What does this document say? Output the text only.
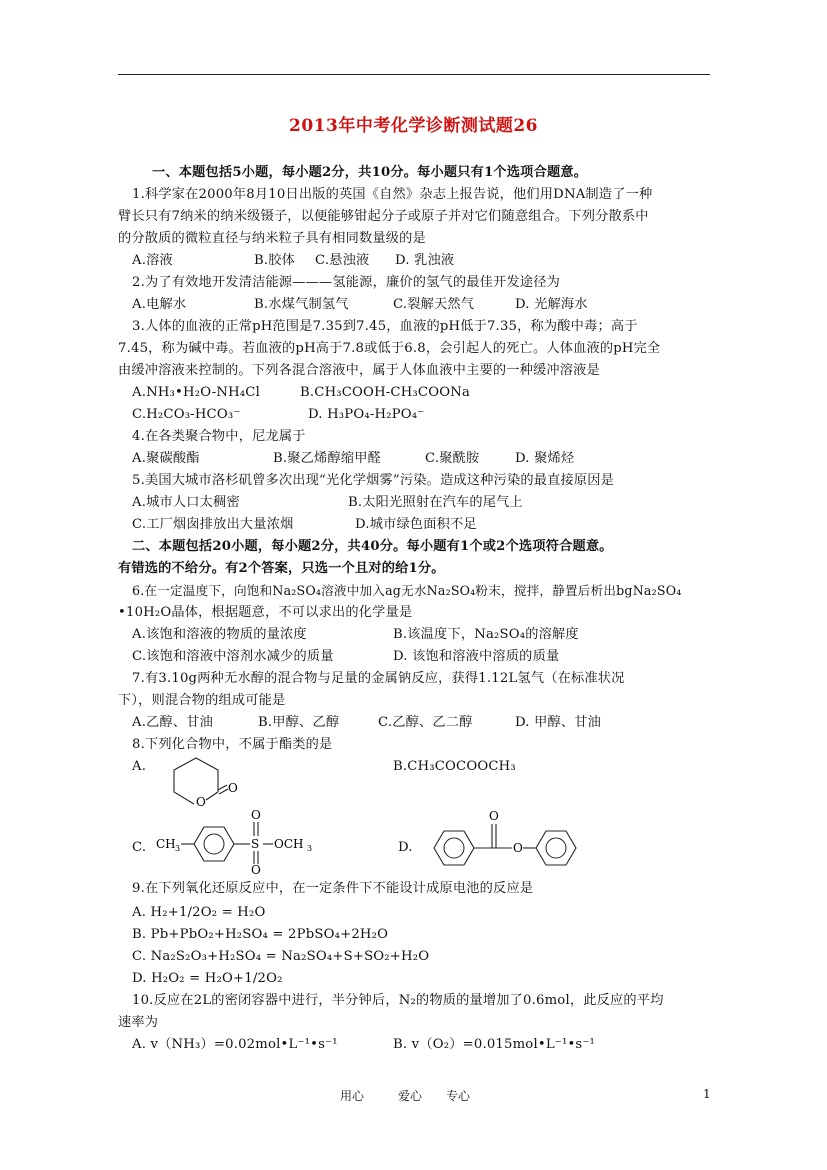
2013年中考化学诊断测试题26
一、本题包括5小题，每小题2分，共10分。每小题只有1个选项合题意。
1.科学家在2000年8月10日出版的英国《自然》杂志上报告说，他们用DNA制造了一种
臂长只有7纳米的纳米级镊子，以便能够钳起分子或原子并对它们随意组合。下列分散系中
的分散质的微粒直径与纳米粒子具有相同数量级的是
A.溶液	B.胶体 C.悬浊液 D. 乳浊液
2.为了有效地开发清洁能源———氢能源，廉价的氢气的最佳开发途径为
A.电解水	B.水煤气制氢气	C.裂解天然气	D. 光解海水
3.人体的血液的正常pH范围是7.35到7.45，血液的pH低于7.35，称为酸中毒；高于
7.45，称为碱中毒。若血液的pH高于7.8或低于6.8，会引起人的死亡。人体血液的pH完全
由缓冲溶液来控制的。下列各混合溶液中，属于人体血液中主要的一种缓冲溶液是
A.NH₃•H₂O-NH₄Cl	B.CH₃COOH-CH₃COONa
C.H₂CO₃-HCO₃⁻	D. H₃PO₄-H₂PO₄⁻
4.在各类聚合物中，尼龙属于
A.聚碳酸酯	B.聚乙烯醇缩甲醛	C.聚酰胺	D. 聚烯烃
5.美国大城市洛杉矶曾多次出现“光化学烟雾”污染。造成这种污染的最直接原因是
A.城市人口太稠密	B.太阳光照射在汽车的尾气上
C.工厂烟囱排放出大量浓烟	D.城市绿色面积不足
二、本题包括20小题，每小题2分，共40分。每小题有1个或2个选项符合题意。
有错选的不给分。有2个答案，只选一个且对的给1分。
6.在一定温度下，向饱和Na₂SO₄溶液中加入ag无水Na₂SO₄粉末，搅拌，静置后析出bgNa₂SO₄
•10H₂O晶体，根据题意，不可以求出的化学量是
A.该饱和溶液的物质的量浓度	B.该温度下，Na₂SO₄的溶解度
C.该饱和溶液中溶剂水减少的质量	D. 该饱和溶液中溶质的质量
7.有3.10g两种无水醇的混合物与足量的金属钠反应，获得1.12L氢气（在标准状况
下），则混合物的组成可能是
A.乙醇、甘油	B.甲醇、乙醇	C.乙醇、乙二醇	D. 甲醇、甘油
8.下列化合物中，不属于酯类的是
A.	B.CH₃COCOOCH₃
O
O
C. CH 3	S
O
O
OCH 3	D.
O
O
9.在下列氧化还原反应中，在一定条件下不能设计成原电池的反应是
A. H₂+1/2O₂ = H₂O
B. Pb+PbO₂+H₂SO₄ = 2PbSO₄+2H₂O
C. Na₂S₂O₃+H₂SO₄ = Na₂SO₄+S+SO₂+H₂O
D. H₂O₂ = H₂O+1/2O₂
10.反应在2L的密闭容器中进行，半分钟后，N₂的物质的量增加了0.6mol，此反应的平均
速率为
A. v（NH₃）=0.02mol•L⁻¹•s⁻¹	B. v（O₂）=0.015mol•L⁻¹•s⁻¹
用心	爱心 专心	1
